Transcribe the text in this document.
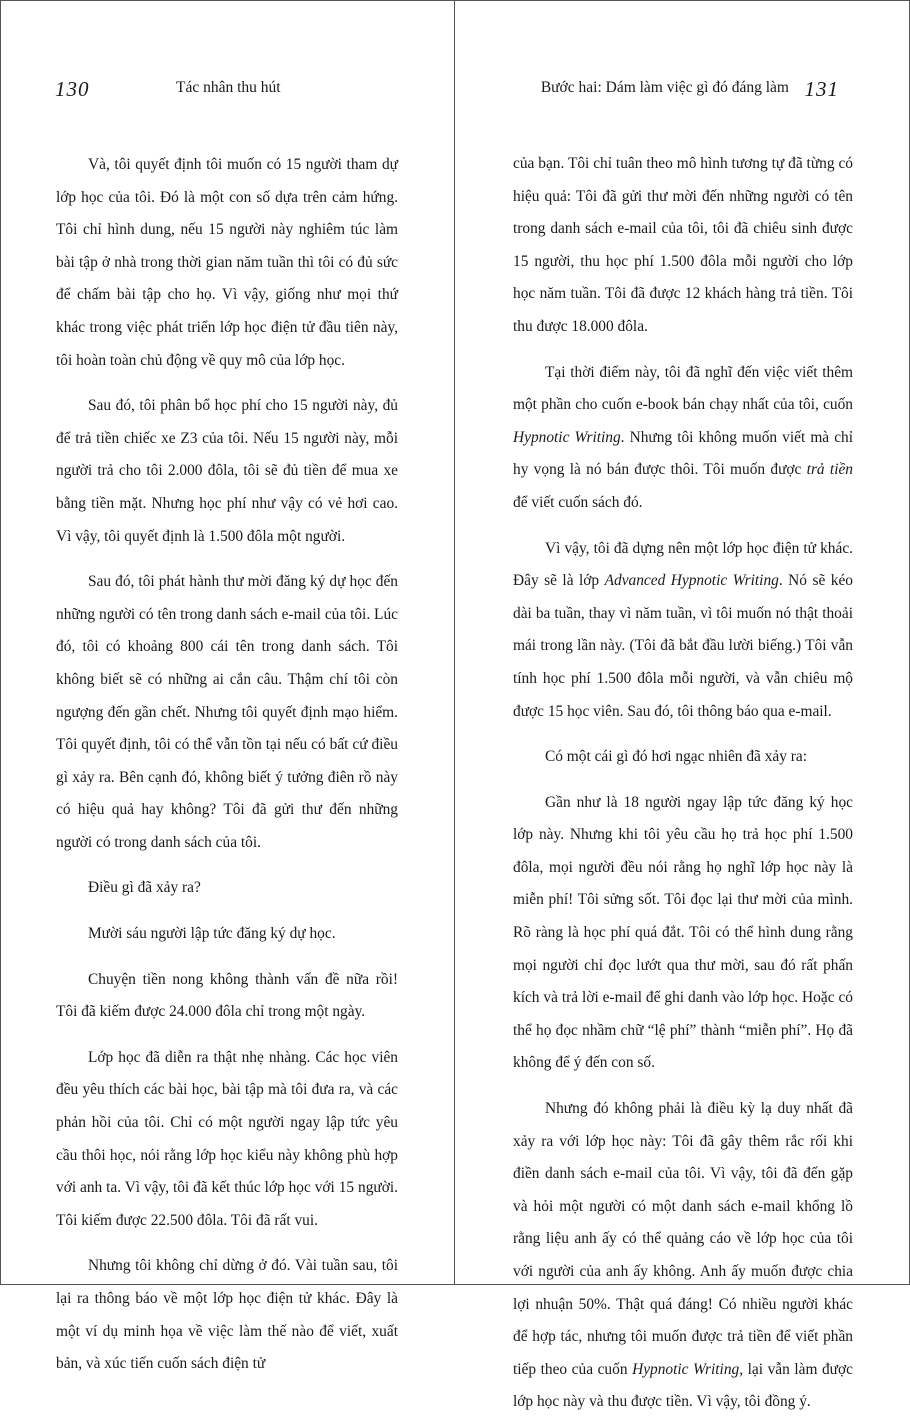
130	Tác nhân thu hút

Và, tôi quyết định tôi muốn có 15 người tham dự lớp học của tôi. Đó là một con số dựa trên cảm hứng. Tôi chỉ hình dung, nếu 15 người này nghiêm túc làm bài tập ở nhà trong thời gian năm tuần thì tôi có đủ sức để chấm bài tập cho họ. Vì vậy, giống như mọi thứ khác trong việc phát triển lớp học điện tử đầu tiên này, tôi hoàn toàn chủ động về quy mô của lớp học.

Sau đó, tôi phân bổ học phí cho 15 người này, đủ để trả tiền chiếc xe Z3 của tôi. Nếu 15 người này, mỗi người trả cho tôi 2.000 đôla, tôi sẽ đủ tiền để mua xe bằng tiền mặt. Nhưng học phí như vậy có vẻ hơi cao. Vì vậy, tôi quyết định là 1.500 đôla một người.

Sau đó, tôi phát hành thư mời đăng ký dự học đến những người có tên trong danh sách e-mail của tôi. Lúc đó, tôi có khoảng 800 cái tên trong danh sách. Tôi không biết sẽ có những ai cắn câu. Thậm chí tôi còn ngượng đến gần chết. Nhưng tôi quyết định mạo hiểm. Tôi quyết định, tôi có thể vẫn tồn tại nếu có bất cứ điều gì xảy ra. Bên cạnh đó, không biết ý tưởng điên rồ này có hiệu quả hay không? Tôi đã gửi thư đến những người có trong danh sách của tôi.

Điều gì đã xảy ra?

Mười sáu người lập tức đăng ký dự học.

Chuyện tiền nong không thành vấn đề nữa rồi! Tôi đã kiếm được 24.000 đôla chỉ trong một ngày.

Lớp học đã diễn ra thật nhẹ nhàng. Các học viên đều yêu thích các bài học, bài tập mà tôi đưa ra, và các phản hồi của tôi. Chỉ có một người ngay lập tức yêu cầu thôi học, nói rằng lớp học kiểu này không phù hợp với anh ta. Vì vậy, tôi đã kết thúc lớp học với 15 người. Tôi kiếm được 22.500 đôla. Tôi đã rất vui.

Nhưng tôi không chỉ dừng ở đó. Vài tuần sau, tôi lại ra thông báo về một lớp học điện tử khác. Đây là một ví dụ minh họa về việc làm thế nào để viết, xuất bản, và xúc tiến cuốn sách điện tử

Bước hai: Dám làm việc gì đó đáng làm 131

của bạn. Tôi chỉ tuân theo mô hình tương tự đã từng có hiệu quả: Tôi đã gửi thư mời đến những người có tên trong danh sách e-mail của tôi, tôi đã chiêu sinh được 15 người, thu học phí 1.500 đôla mỗi người cho lớp học năm tuần. Tôi đã được 12 khách hàng trả tiền. Tôi thu được 18.000 đôla.

Tại thời điểm này, tôi đã nghĩ đến việc viết thêm một phần cho cuốn e-book bán chạy nhất của tôi, cuốn Hypnotic Writing. Nhưng tôi không muốn viết mà chỉ hy vọng là nó bán được thôi. Tôi muốn được trả tiền để viết cuốn sách đó.

Vì vậy, tôi đã dựng nên một lớp học điện tử khác. Đây sẽ là lớp Advanced Hypnotic Writing. Nó sẽ kéo dài ba tuần, thay vì năm tuần, vì tôi muốn nó thật thoải mái trong lần này. (Tôi đã bắt đầu lười biếng.) Tôi vẫn tính học phí 1.500 đôla mỗi người, và vẫn chiêu mộ được 15 học viên. Sau đó, tôi thông báo qua e-mail.

Có một cái gì đó hơi ngạc nhiên đã xảy ra:

Gần như là 18 người ngay lập tức đăng ký học lớp này. Nhưng khi tôi yêu cầu họ trả học phí 1.500 đôla, mọi người đều nói rằng họ nghĩ lớp học này là miễn phí! Tôi sửng sốt. Tôi đọc lại thư mời của mình. Rõ ràng là học phí quá đắt. Tôi có thể hình dung rằng mọi người chỉ đọc lướt qua thư mời, sau đó rất phấn kích và trả lời e-mail để ghi danh vào lớp học. Hoặc có thể họ đọc nhầm chữ “lệ phí” thành “miễn phí”. Họ đã không để ý đến con số.

Nhưng đó không phải là điều kỳ lạ duy nhất đã xảy ra với lớp học này: Tôi đã gây thêm rắc rối khi điền danh sách e-mail của tôi. Vì vậy, tôi đã đến gặp và hỏi một người có một danh sách e-mail khổng lồ rằng liệu anh ấy có thể quảng cáo về lớp học của tôi với người của anh ấy không. Anh ấy muốn được chia lợi nhuận 50%. Thật quá đáng! Có nhiều người khác để hợp tác, nhưng tôi muốn được trả tiền để viết phần tiếp theo của cuốn Hypnotic Writing, lại vẫn làm được lớp học này và thu được tiền. Vì vậy, tôi đồng ý.
